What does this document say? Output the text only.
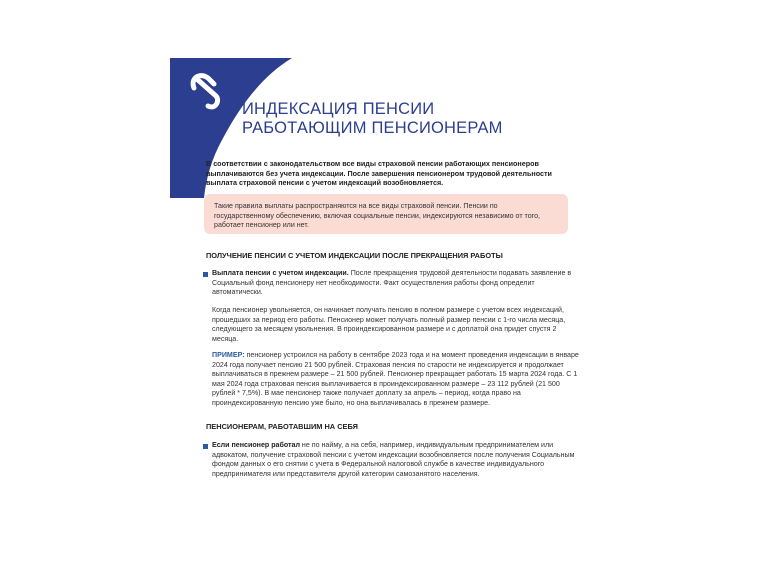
ИНДЕКСАЦИЯ ПЕНСИИ
РАБОТАЮЩИМ ПЕНСИОНЕРАМ

В соответствии с законодательством все виды страховой пенсии работающих пенсионеров выплачиваются без учета индексации. После завершения пенсионером трудовой деятельности выплата страховой пенсии с учетом индексаций возобновляется.

Такие правила выплаты распространяются на все виды страховой пенсии. Пенсии по государственному обеспечению, включая социальные пенсии, индексируются независимо от того, работает пенсионер или нет.
ПОЛУЧЕНИЕ ПЕНСИИ С УЧЕТОМ ИНДЕКСАЦИИ ПОСЛЕ ПРЕКРАЩЕНИЯ РАБОТЫ

Выплата пенсии с учетом индексации. После прекращения трудовой деятельности подавать заявление в Социальный фонд пенсионеру нет необходимости. Факт осуществления работы фонд определит автоматически.

Когда пенсионер увольняется, он начинает получать пенсию в полном размере с учетом всех индексаций, прошедших за период его работы. Пенсионер может получать полный размер пенсии с 1-го числа месяца, следующего за месяцем увольнения. В проиндексированном размере и с доплатой она придет спустя 2 месяца.

ПРИМЕР: пенсионер устроился на работу в сентябре 2023 года и на момент проведения индексации в январе 2024 года получает пенсию 21 500 рублей. Страховая пенсия по старости не индексируется и продолжает выплачиваться в прежнем размере – 21 500 рублей. Пенсионер прекращает работать 15 марта 2024 года. С 1 мая 2024 года страховая пенсия выплачивается в проиндексированном размере – 23 112 рублей (21 500 рублей * 7,5%). В мае пенсионер также получает доплату за апрель – период, когда право на проиндексированную пенсию уже было, но она выплачивалась в прежнем размере.

ПЕНСИОНЕРАМ, РАБОТАВШИМ НА СЕБЯ

Если пенсионер работал не по найму, а на себя, например, индивидуальным предпринимателем или адвокатом, получение страховой пенсии с учетом индексации возобновляется после получения Социальным фондом данных о его снятии с учета в Федеральной налоговой службе в качестве индивидуального предпринимателя или представителя другой категории самозанятого населения.
